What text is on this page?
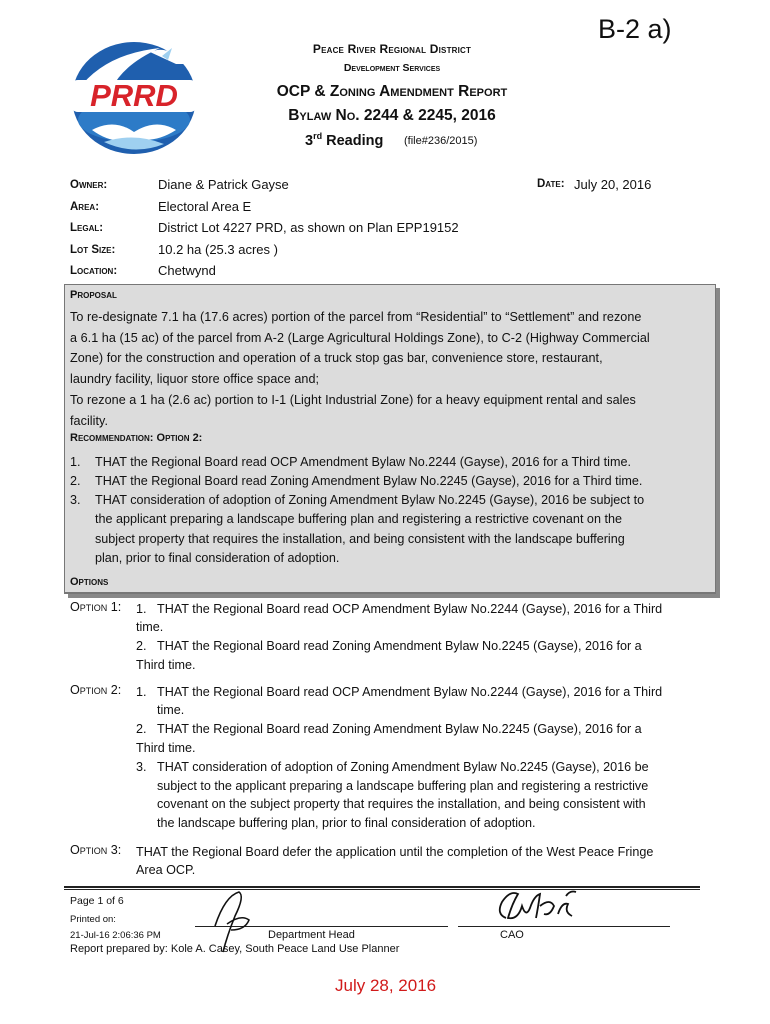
B-2 a)
PRRD
Peace River Regional District
Development Services
OCP & Zoning Amendment Report
Bylaw No. 2244 & 2245, 2016
3rd Reading (file#236/2015)
Owner:	Diane & Patrick Gayse
Area:	Electoral Area E
Legal:	District Lot 4227 PRD, as shown on Plan EPP19152
Lot Size:	10.2 ha (25.3 acres )
Location:	Chetwynd
Date: July 20, 2016
Proposal
To re-designate 7.1 ha (17.6 acres) portion of the parcel from “Residential” to “Settlement” and rezone
a 6.1 ha (15 ac) of the parcel from A-2 (Large Agricultural Holdings Zone), to C-2 (Highway Commercial
Zone) for the construction and operation of a truck stop gas bar, convenience store, restaurant,
laundry facility, liquor store office space and;
To rezone a 1 ha (2.6 ac) portion to I-1 (Light Industrial Zone) for a heavy equipment rental and sales
facility.
Recommendation: Option 2:
1. THAT the Regional Board read OCP Amendment Bylaw No.2244 (Gayse), 2016 for a Third time.
2. THAT the Regional Board read Zoning Amendment Bylaw No.2245 (Gayse), 2016 for a Third time.
3. THAT consideration of adoption of Zoning Amendment Bylaw No.2245 (Gayse), 2016 be subject to
the applicant preparing a landscape buffering plan and registering a restrictive covenant on the
subject property that requires the installation, and being consistent with the landscape buffering
plan, prior to final consideration of adoption.
Options
Option 1: 1. THAT the Regional Board read OCP Amendment Bylaw No.2244 (Gayse), 2016 for a Third
time.
2. THAT the Regional Board read Zoning Amendment Bylaw No.2245 (Gayse), 2016 for a
Third time.
Option 2: 1. THAT the Regional Board read OCP Amendment Bylaw No.2244 (Gayse), 2016 for a Third
time.
2. THAT the Regional Board read Zoning Amendment Bylaw No.2245 (Gayse), 2016 for a
Third time.
3. THAT consideration of adoption of Zoning Amendment Bylaw No.2245 (Gayse), 2016 be
subject to the applicant preparing a landscape buffering plan and registering a restrictive
covenant on the subject property that requires the installation, and being consistent with
the landscape buffering plan, prior to final consideration of adoption.
Option 3: THAT the Regional Board defer the application until the completion of the West Peace Fringe
Area OCP.
Page 1 of 6
Printed on:
21-Jul-16 2:06:36 PM	Department Head	CAO
Report prepared by: Kole A. Casey, South Peace Land Use Planner
July 28, 2016
